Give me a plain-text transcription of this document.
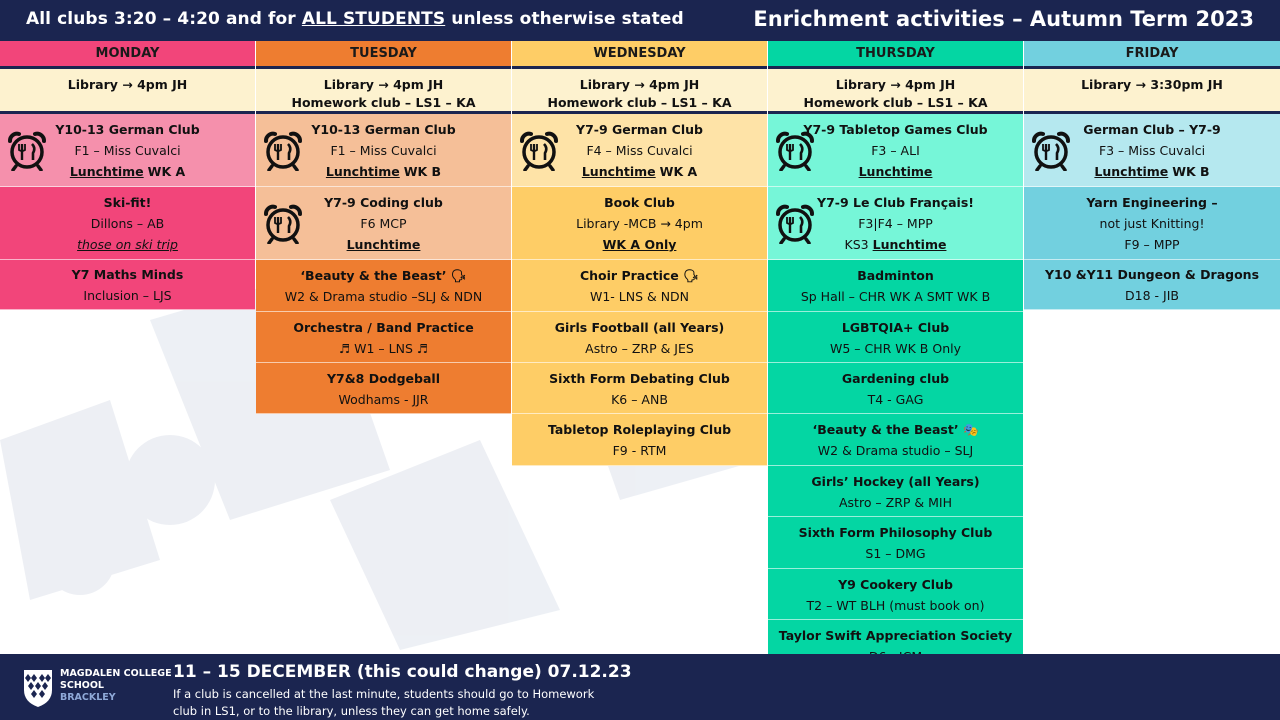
All clubs 3:20 – 4:20 and for ALL STUDENTS unless otherwise stated	Enrichment activities – Autumn Term 2023
MONDAY
Library → 4pm JH
Y10-13 German Club
F1 – Miss Cuvalci
Lunchtime WK A
Ski-fit!
Dillons – AB
those on ski trip
Y7 Maths Minds
Inclusion – LJS
TUESDAY
Library → 4pm JH
Homework club – LS1 – KA
Y10-13 German Club
F1 – Miss Cuvalci
Lunchtime WK B
Y7-9 Coding club
F6 MCP
Lunchtime
‘Beauty & the Beast’ 🗣
W2 & Drama studio –SLJ & NDN
Orchestra / Band Practice
♬ W1 – LNS ♬
Y7&8 Dodgeball
Wodhams - JJR
WEDNESDAY
Library → 4pm JH
Homework club – LS1 – KA
Y7-9 German Club
F4 – Miss Cuvalci
Lunchtime WK A
Book Club
Library -MCB → 4pm
WK A Only
Choir Practice 🗣
W1- LNS & NDN
Girls Football (all Years)
Astro – ZRP & JES
Sixth Form Debating Club
K6 – ANB
Tabletop Roleplaying Club
F9 - RTM
THURSDAY
Library → 4pm JH
Homework club – LS1 – KA
Y7-9 Tabletop Games Club
F3 – ALI
Lunchtime
Y7-9 Le Club Français!
F3|F4 – MPP
KS3 Lunchtime
Badminton
Sp Hall – CHR WK A SMT WK B
LGBTQIA+ Club
W5 – CHR WK B Only
Gardening club
T4 - GAG
‘Beauty & the Beast’ 🎭
W2 & Drama studio – SLJ
Girls’ Hockey (all Years)
Astro – ZRP & MIH
Sixth Form Philosophy Club
S1 – DMG
Y9 Cookery Club
T2 – WT BLH (must book on)
Taylor Swift Appreciation Society
FRIDAY
Library → 3:30pm JH
German Club – Y7-9
F3 – Miss Cuvalci
Lunchtime WK B
Yarn Engineering –
not just Knitting!
F9 – MPP
Y10 &Y11 Dungeon & Dragons
D18 - JIB
MAGDALEN COLLEGE
SCHOOL
BRACKLEY
11 – 15 DECEMBER (this could change) 07.12.23
If a club is cancelled at the last minute, students should go to Homework club in LS1, or to the library, unless they can get home safely.
